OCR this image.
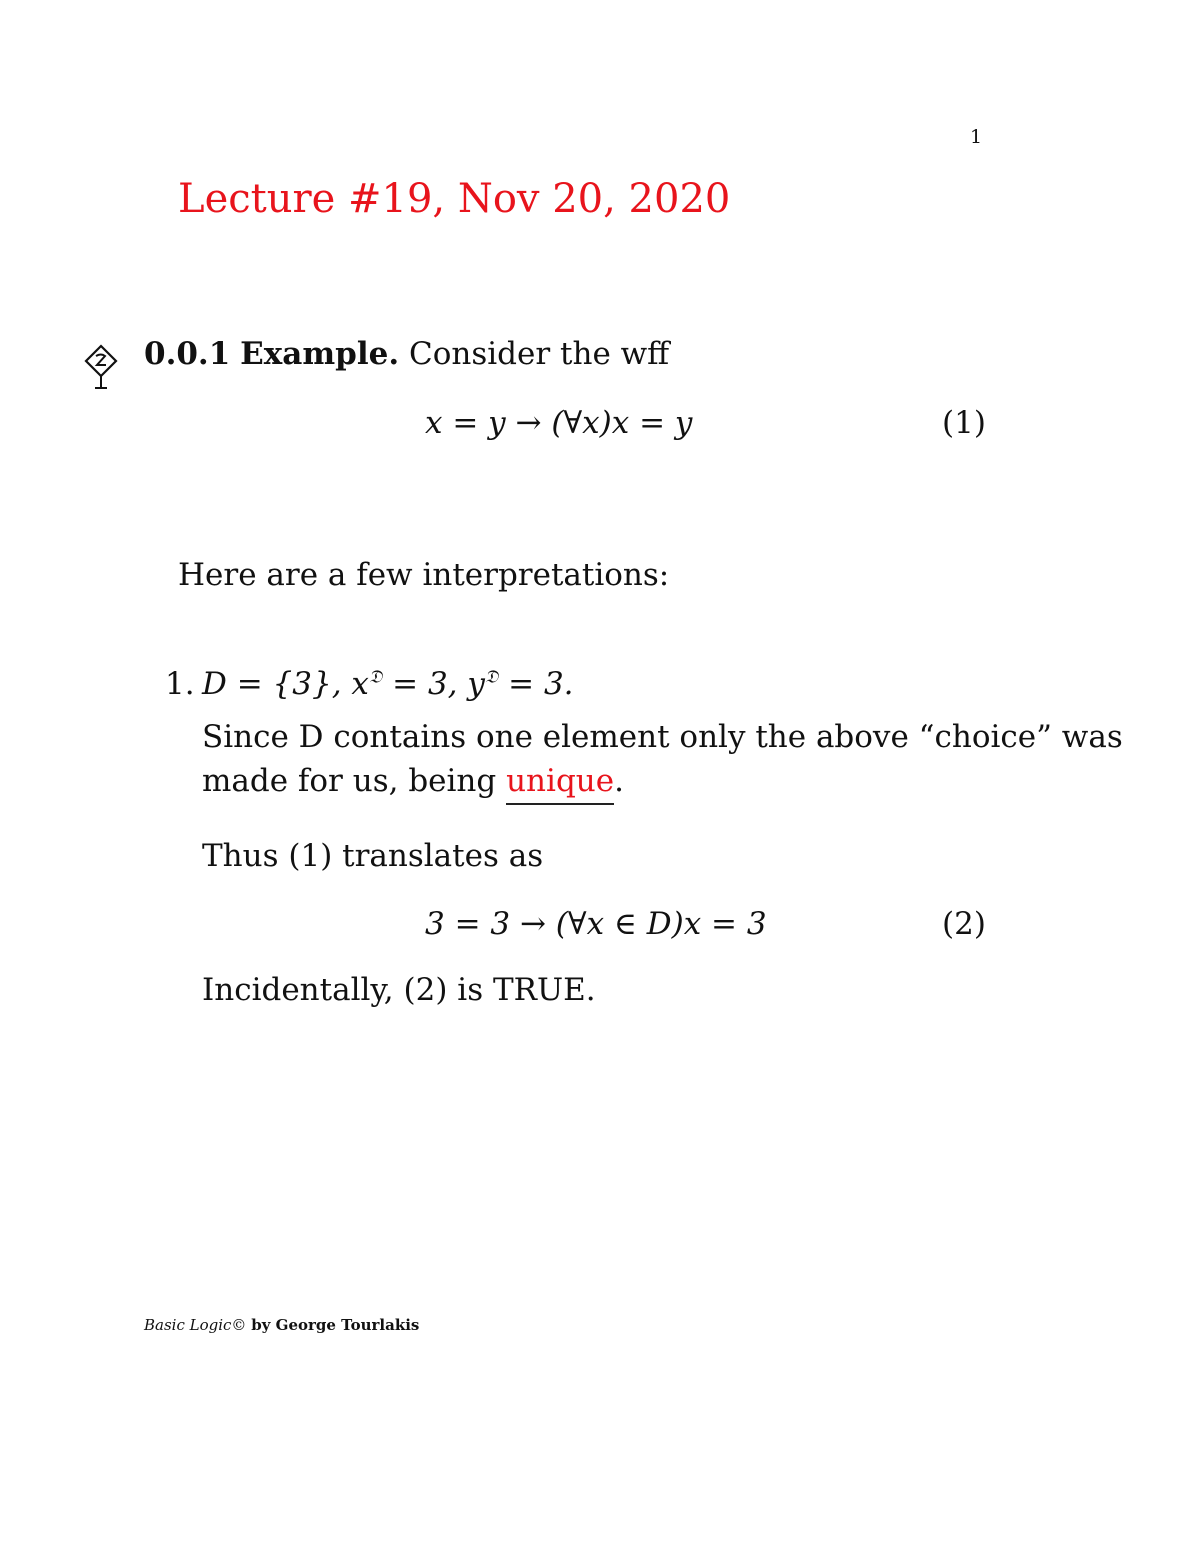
1
Lecture #19, Nov 20, 2020
0.0.1 Example. Consider the wff
x = y → (∀x)x = y	(1)
Here are a few interpretations:
1. D = {3}, $x^𝔇 = 3$, $y^𝔇 = 3$.
Since D contains one element only the above “choice” was
made for us, being unique.
Thus (1) translates as
3 = 3 → (∀x ∈ D)x = 3	(2)
Incidentally, (2) is TRUE.
Basic Logic© by George Tourlakis
